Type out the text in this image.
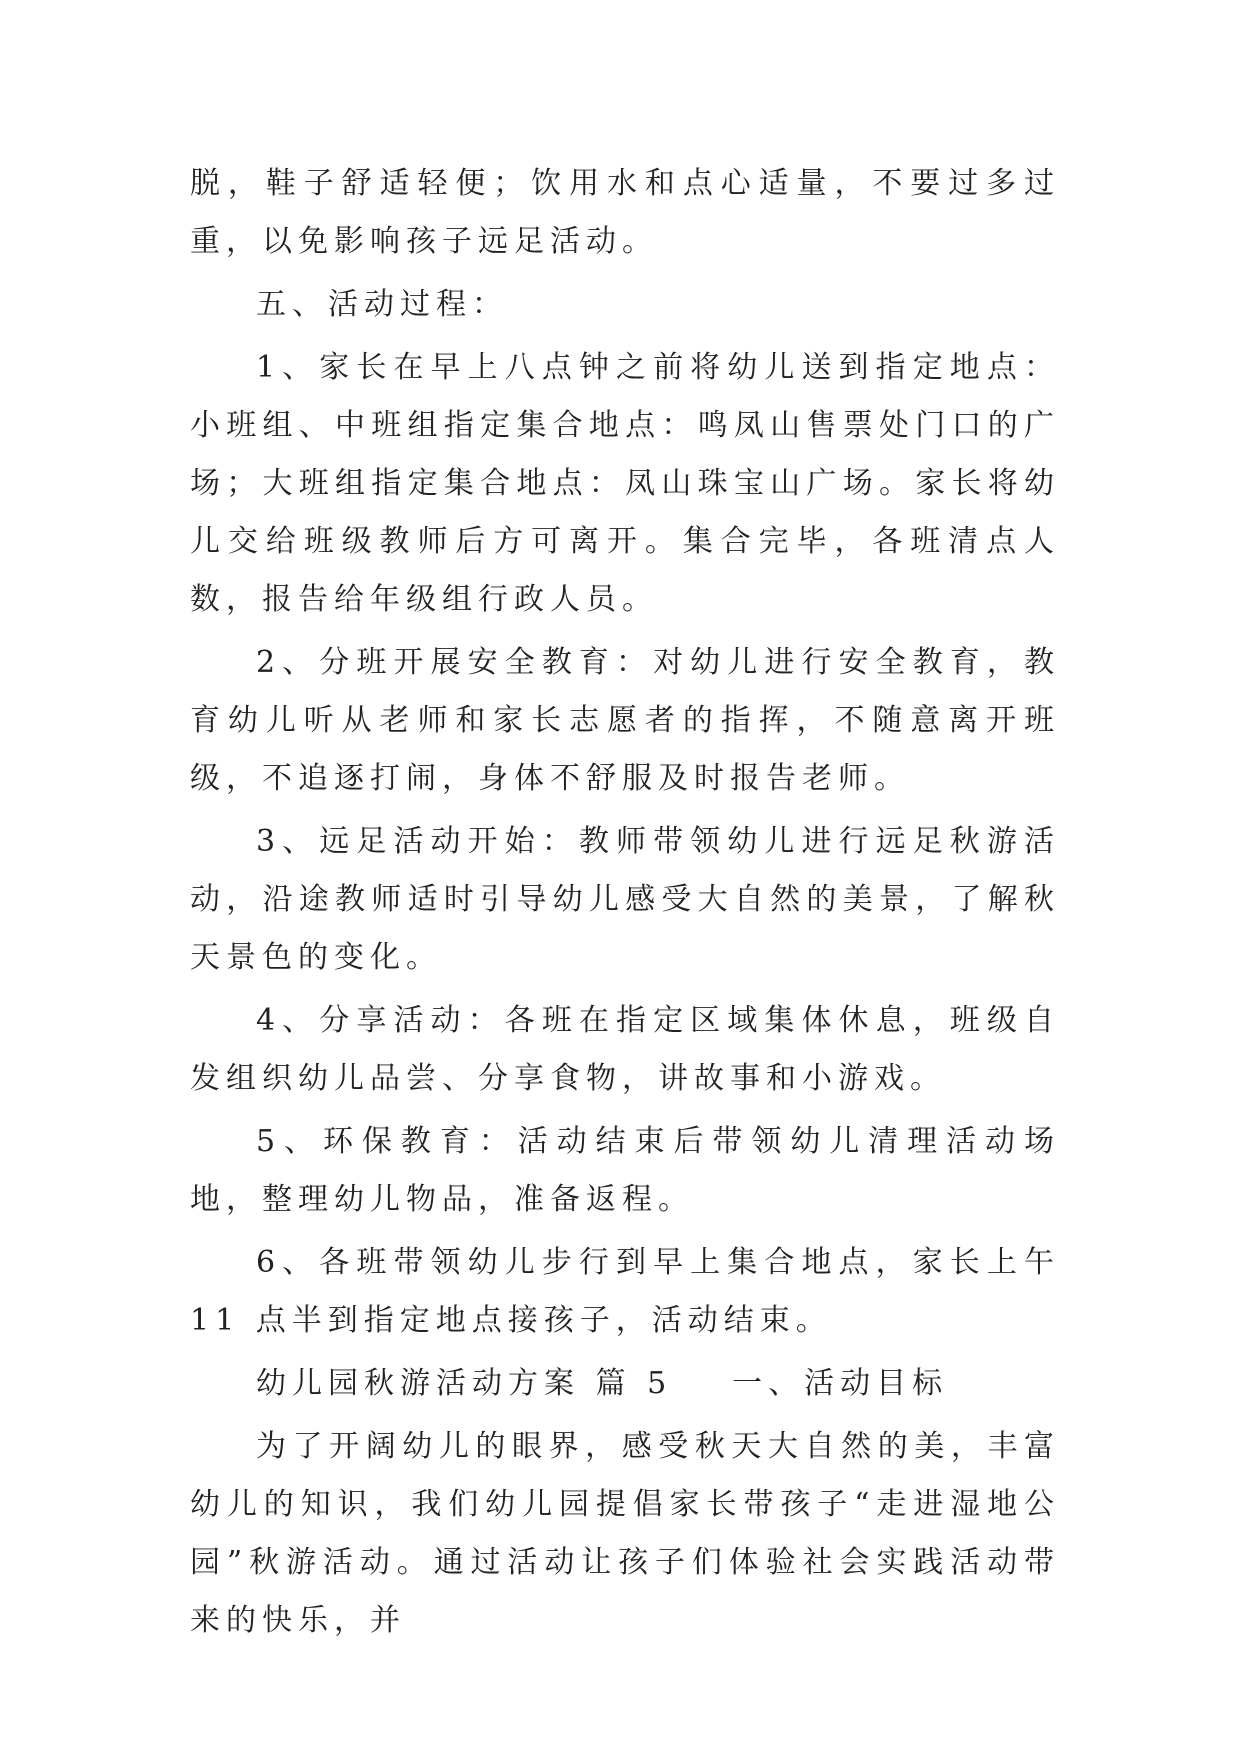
脱，鞋子舒适轻便；饮用水和点心适量，不要过多过重，以免影响孩子远足活动。

五、活动过程：

1、家长在早上八点钟之前将幼儿送到指定地点：小班组、中班组指定集合地点：鸣凤山售票处门口的广场；大班组指定集合地点：凤山珠宝山广场。家长将幼儿交给班级教师后方可离开。集合完毕，各班清点人数，报告给年级组行政人员。

2、分班开展安全教育：对幼儿进行安全教育，教育幼儿听从老师和家长志愿者的指挥，不随意离开班级，不追逐打闹，身体不舒服及时报告老师。

3、远足活动开始：教师带领幼儿进行远足秋游活动，沿途教师适时引导幼儿感受大自然的美景，了解秋天景色的变化。

4、分享活动：各班在指定区域集体休息，班级自发组织幼儿品尝、分享食物，讲故事和小游戏。

5、环保教育：活动结束后带领幼儿清理活动场地，整理幼儿物品，准备返程。

6、各班带领幼儿步行到早上集合地点，家长上午 11 点半到指定地点接孩子，活动结束。

幼儿园秋游活动方案 篇 5 一、活动目标

为了开阔幼儿的眼界，感受秋天大自然的美，丰富幼儿的知识，我们幼儿园提倡家长带孩子“走进湿地公园”秋游活动。通过活动让孩子们体验社会实践活动带来的快乐，并
